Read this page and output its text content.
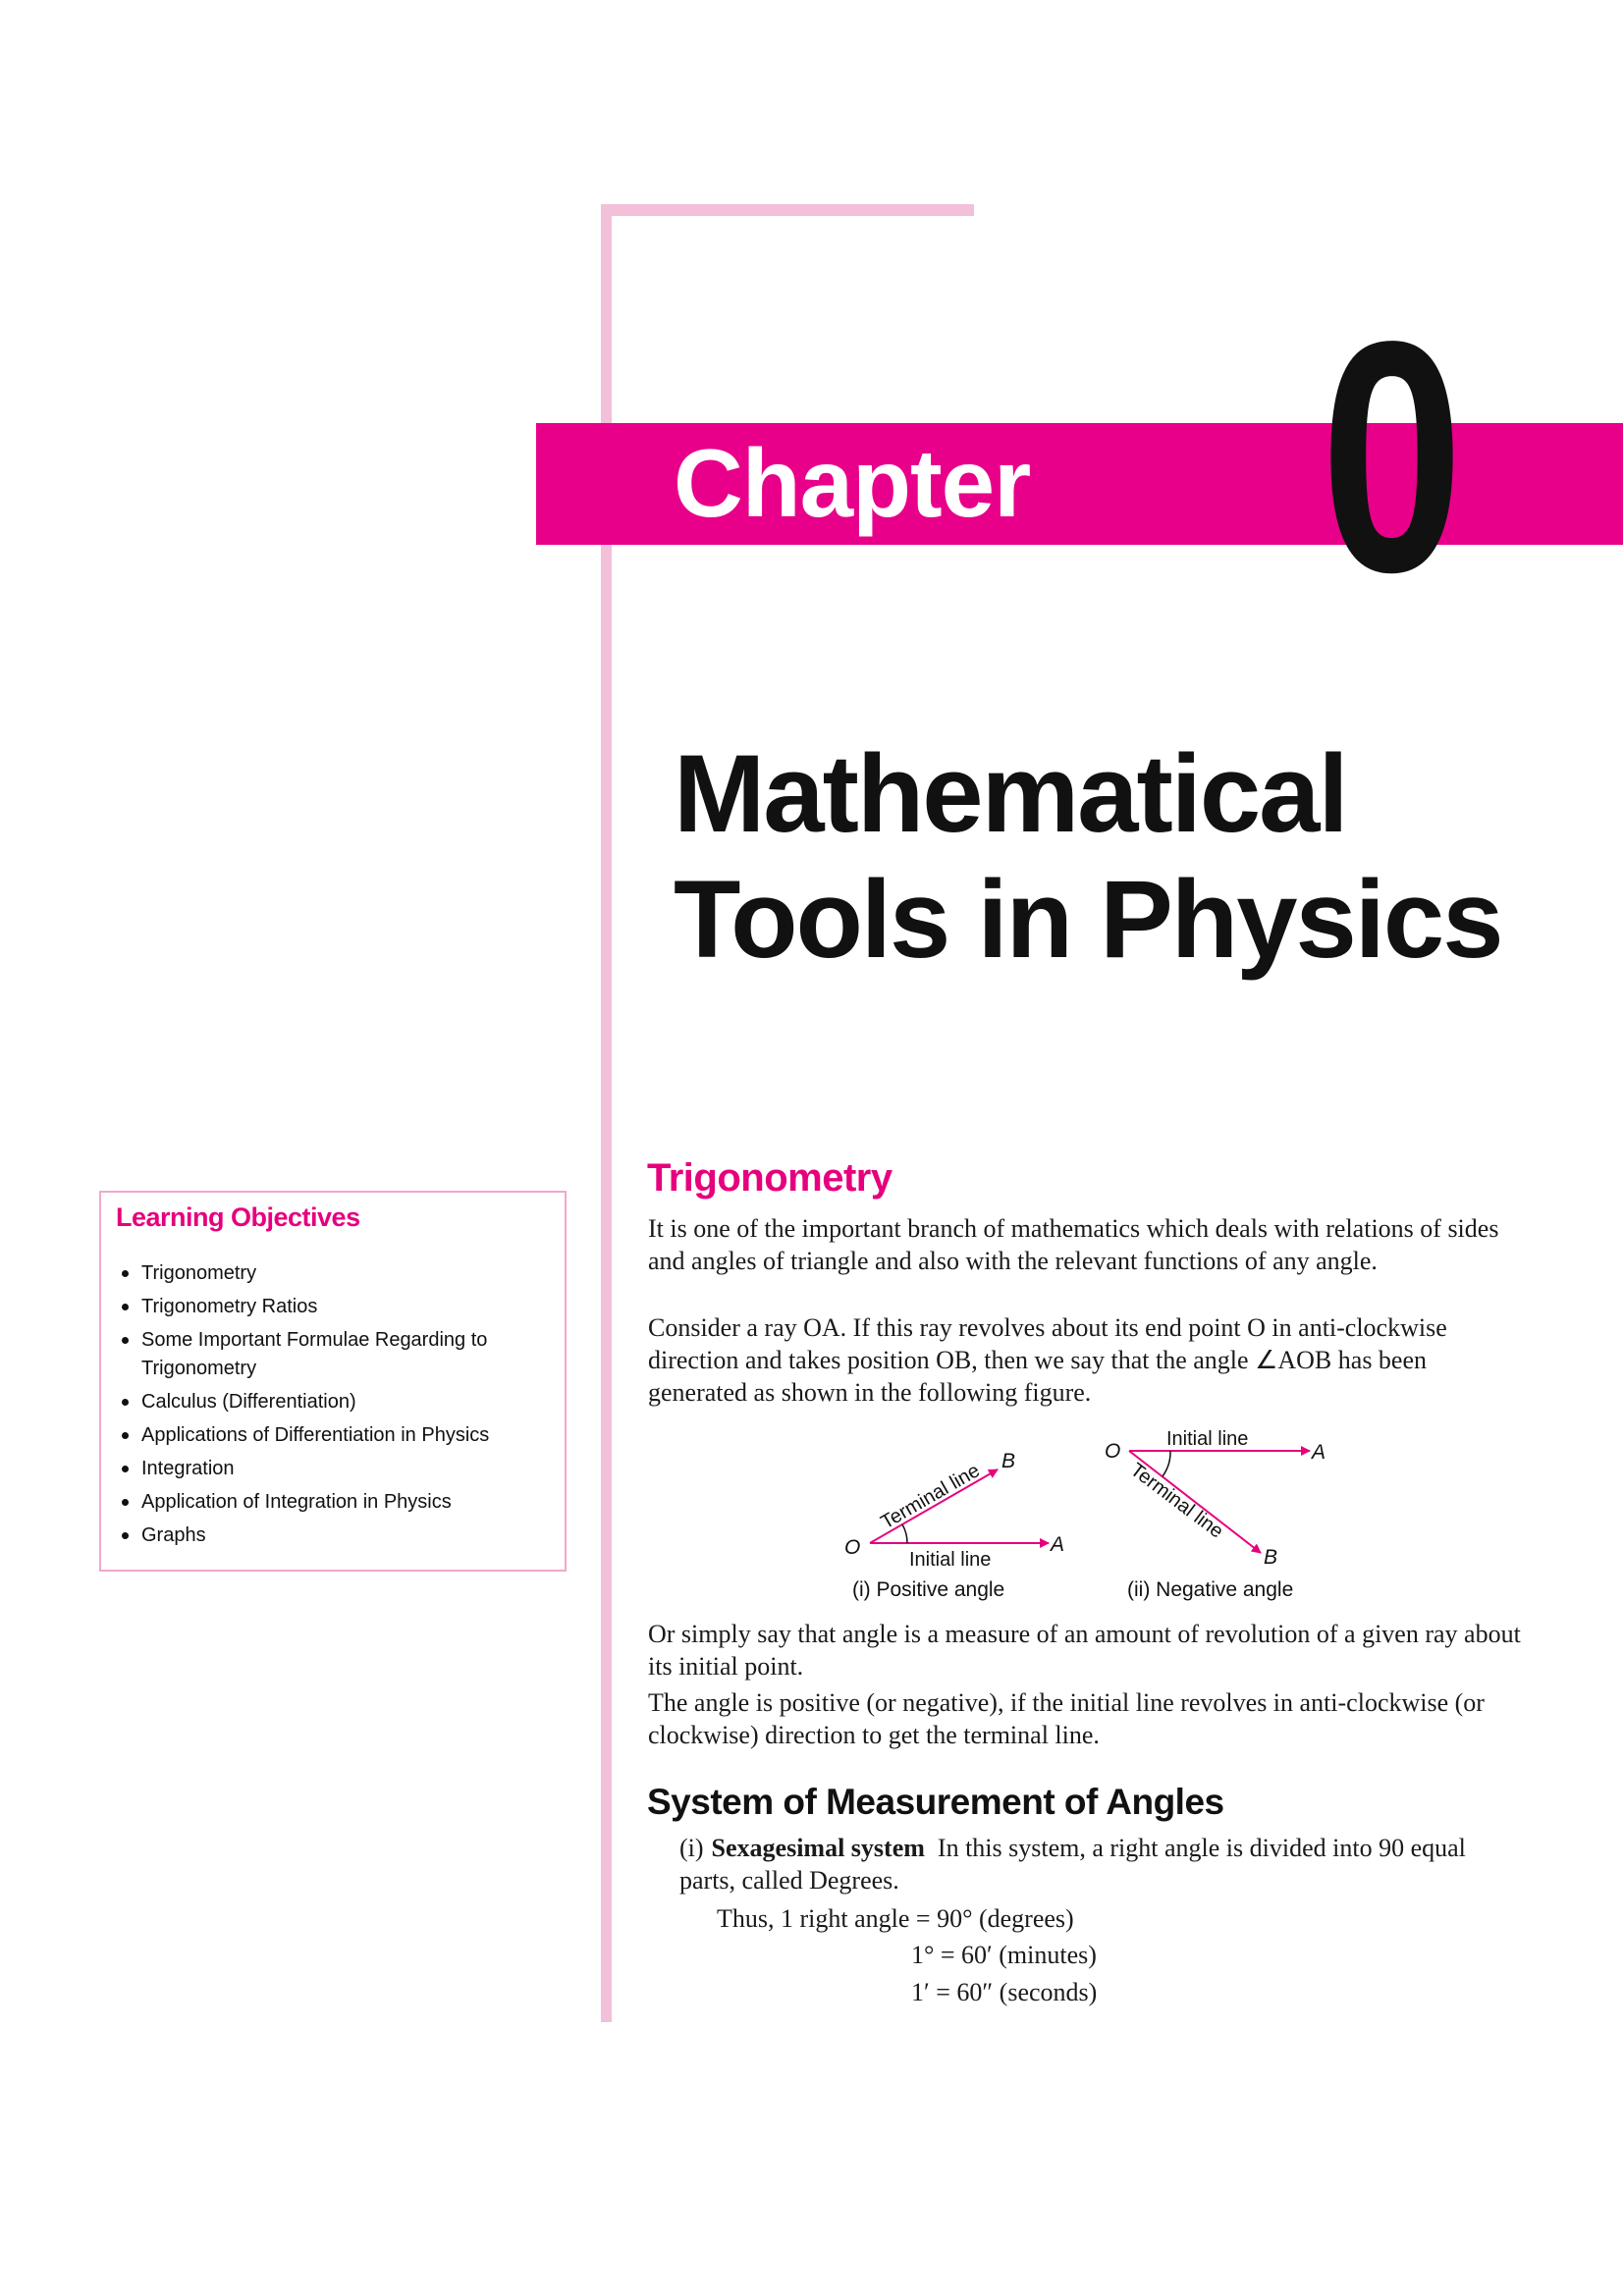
Chapter 0
Mathematical
Tools in Physics
Learning Objectives
Trigonometry
Trigonometry Ratios
Some Important Formulae Regarding to Trigonometry
Calculus (Differentiation)
Applications of Differentiation in Physics
Integration
Application of Integration in Physics
Graphs
Trigonometry

It is one of the important branch of mathematics which deals with relations of sides and angles of triangle and also with the relevant functions of any angle.

Consider a ray OA. If this ray revolves about its end point O in anti-clockwise direction and takes position OB, then we say that the angle ∠AOB has been generated as shown in the following figure.

O	A
B
Initial line
Terminal line
(i) Positive angle
O	A
B
Initial line
Terminal line
(ii) Negative angle

Or simply say that angle is a measure of an amount of revolution of a given ray about its initial point.

The angle is positive (or negative), if the initial line revolves in anti-clockwise (or clockwise) direction to get the terminal line.

System of Measurement of Angles
(i) Sexagesimal system In this system, a right angle is divided into 90 equal parts, called Degrees.
Thus, 1 right angle = 90° (degrees)
1° = 60′ (minutes)
1′ = 60″ (seconds)
